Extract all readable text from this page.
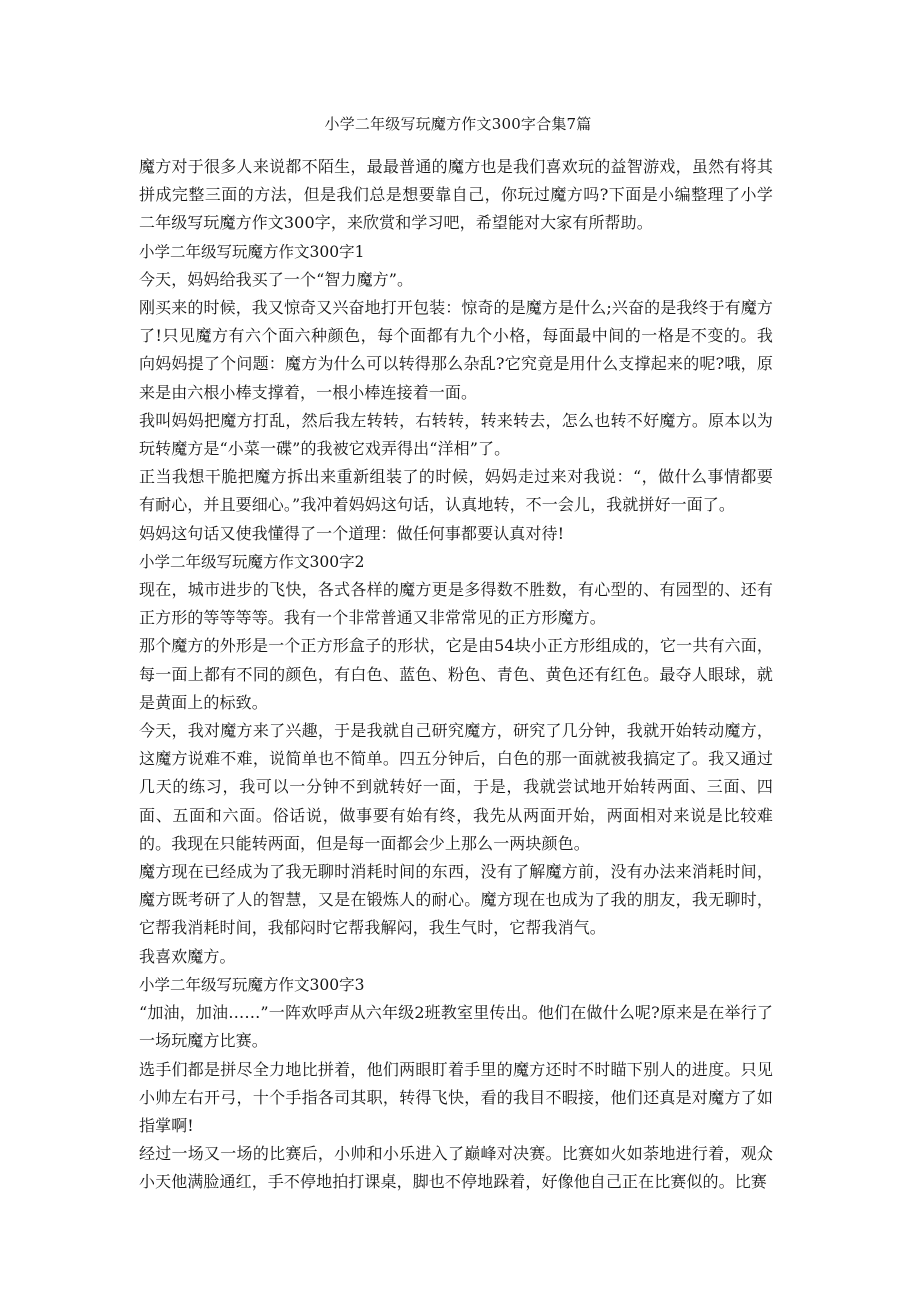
小学二年级写玩魔方作文300字合集7篇

魔方对于很多人来说都不陌生，最最普通的魔方也是我们喜欢玩的益智游戏，虽然有将其拼成完整三面的方法，但是我们总是想要靠自己，你玩过魔方吗?下面是小编整理了小学二年级写玩魔方作文300字，来欣赏和学习吧，希望能对大家有所帮助。

小学二年级写玩魔方作文300字1

今天，妈妈给我买了一个“智力魔方”。

刚买来的时候，我又惊奇又兴奋地打开包装：惊奇的是魔方是什么;兴奋的是我终于有魔方了!只见魔方有六个面六种颜色，每个面都有九个小格，每面最中间的一格是不变的。我向妈妈提了个问题：魔方为什么可以转得那么杂乱?它究竟是用什么支撑起来的呢?哦，原来是由六根小棒支撑着，一根小棒连接着一面。

我叫妈妈把魔方打乱，然后我左转转，右转转，转来转去，怎么也转不好魔方。原本以为玩转魔方是“小菜一碟”的我被它戏弄得出“洋相”了。

正当我想干脆把魔方拆出来重新组装了的时候，妈妈走过来对我说：“，做什么事情都要有耐心，并且要细心。”我冲着妈妈这句话，认真地转，不一会儿，我就拼好一面了。

妈妈这句话又使我懂得了一个道理：做任何事都要认真对待!

小学二年级写玩魔方作文300字2

现在，城市进步的飞快，各式各样的魔方更是多得数不胜数，有心型的、有园型的、还有正方形的等等等等。我有一个非常普通又非常常见的正方形魔方。

那个魔方的外形是一个正方形盒子的形状，它是由54块小正方形组成的，它一共有六面，每一面上都有不同的颜色，有白色、蓝色、粉色、青色、黄色还有红色。最夺人眼球，就是黄面上的标致。

今天，我对魔方来了兴趣，于是我就自己研究魔方，研究了几分钟，我就开始转动魔方，这魔方说难不难，说简单也不简单。四五分钟后，白色的那一面就被我搞定了。我又通过几天的练习，我可以一分钟不到就转好一面，于是，我就尝试地开始转两面、三面、四面、五面和六面。俗话说，做事要有始有终，我先从两面开始，两面相对来说是比较难的。我现在只能转两面，但是每一面都会少上那么一两块颜色。

魔方现在已经成为了我无聊时消耗时间的东西，没有了解魔方前，没有办法来消耗时间，魔方既考研了人的智慧，又是在锻炼人的耐心。魔方现在也成为了我的朋友，我无聊时，它帮我消耗时间，我郁闷时它帮我解闷，我生气时，它帮我消气。

我喜欢魔方。

小学二年级写玩魔方作文300字3

“加油，加油……”一阵欢呼声从六年级2班教室里传出。他们在做什么呢?原来是在举行了一场玩魔方比赛。

选手们都是拼尽全力地比拼着，他们两眼盯着手里的魔方还时不时瞄下别人的进度。只见小帅左右开弓，十个手指各司其职，转得飞快，看的我目不暇接，他们还真是对魔方了如指掌啊!

经过一场又一场的比赛后，小帅和小乐进入了巅峰对决赛。比赛如火如荼地进行着，观众小天他满脸通红，手不停地拍打课桌，脚也不停地跺着，好像他自己正在比赛似的。比赛
